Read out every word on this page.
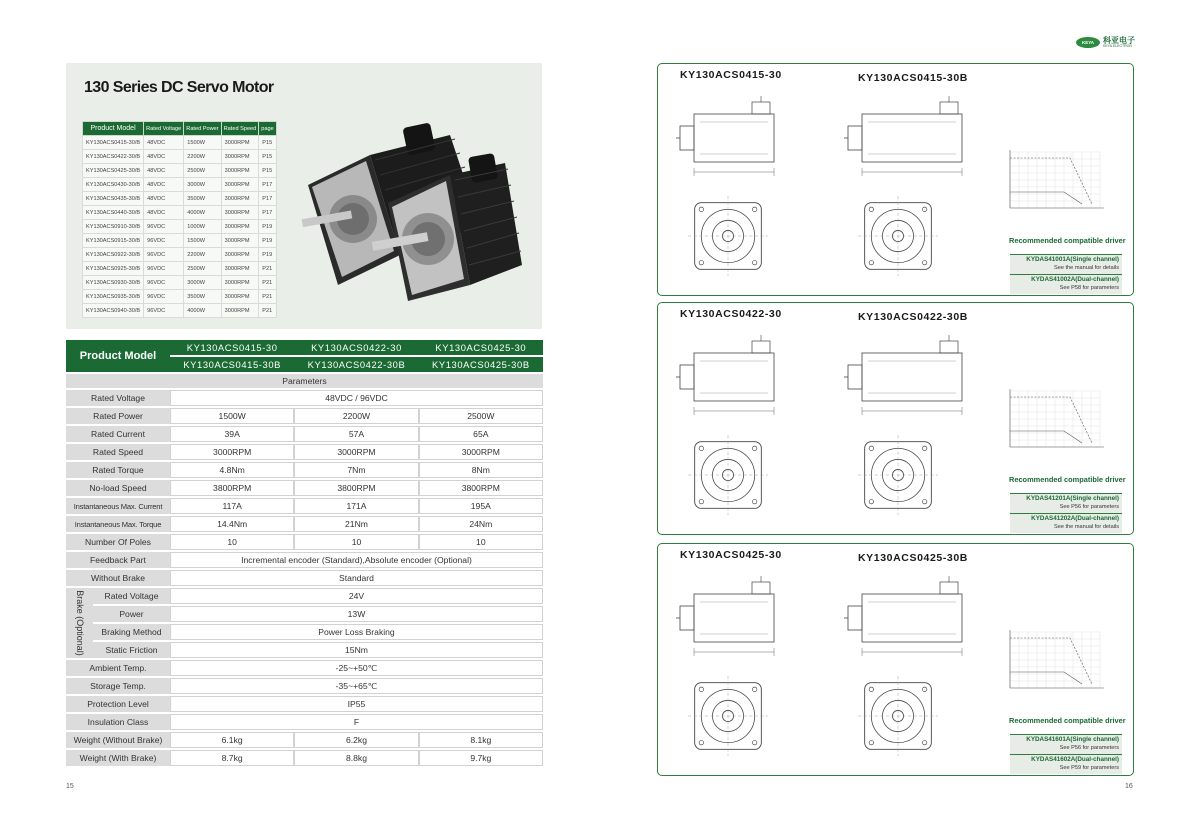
130 Series DC Servo Motor
Product Model	Rated Voltage	Rated Power	Rated Speed	page
KY130ACS0415-30/B	48VDC	1500W	3000RPM	P15
KY130ACS0422-30/B	48VDC	2200W	3000RPM	P15
KY130ACS0425-30/B	48VDC	2500W	3000RPM	P15
KY130ACS0430-30/B	48VDC	3000W	3000RPM	P17
KY130ACS0435-30/B	48VDC	3500W	3000RPM	P17
KY130ACS0440-30/B	48VDC	4000W	3000RPM	P17
KY130ACS0910-30/B	96VDC	1000W	3000RPM	P19
KY130ACS0915-30/B	96VDC	1500W	3000RPM	P19
KY130ACS0922-30/B	96VDC	2200W	3000RPM	P19
KY130ACS0925-30/B	96VDC	2500W	3000RPM	P21
KY130ACS0930-30/B	96VDC	3000W	3000RPM	P21
KY130ACS0935-30/B	96VDC	3500W	3000RPM	P21
KY130ACS0940-30/B	96VDC	4000W	3000RPM	P21
Product Model		KY130ACS0415-30	KY130ACS0422-30	KY130ACS0425-30
		KY130ACS0415-30B	KY130ACS0422-30B	KY130ACS0425-30B
Parameters				
Rated Voltage		48VDC / 96VDC		
Rated Power		1500W	2200W	2500W
Rated Current		39A	57A	65A
Rated Speed		3000RPM	3000RPM	3000RPM
Rated Torque		4.8Nm	7Nm	8Nm
No-load Speed		3800RPM	3800RPM	3800RPM
Instantaneous Max. Current		117A	171A	195A
Instantaneous Max. Torque		14.4Nm	21Nm	24Nm
Number Of Poles		10	10	10
Feedback Part		Incremental encoder (Standard),Absolute encoder (Optional)		
Without Brake		Standard		

Brake (Optional)	Rated Voltage	24V		
	Power	13W		
	Braking Method	Power Loss Braking		
	Static Friction	15Nm		
Ambient Temp.		-25~+50℃		
Storage Temp.		-35~+65℃		
Protection Level		IP55		
Insulation Class		F		
Weight (Without Brake)		6.1kg	6.2kg	8.1kg
Weight (With Brake)		8.7kg	8.8kg	9.7kg
15
KEYA	科亚电子
KEYA ELECTRON
KY130ACS0415-30	KY130ACS0415-30B
Recommended compatible driver
KYDAS41001A(Single channel)
See the manual for details
KYDAS41002A(Dual-channel)
See P58 for parameters
KY130ACS0422-30	KY130ACS0422-30B
Recommended compatible driver
KYDAS41201A(Single channel)
See P56 for parameters
KYDAS41202A(Dual-channel)
See the manual for details
KY130ACS0425-30	KY130ACS0425-30B
Recommended compatible driver
KYDAS41601A(Single channel)
See P56 for parameters
KYDAS41602A(Dual-channel)
See P59 for parameters
16
